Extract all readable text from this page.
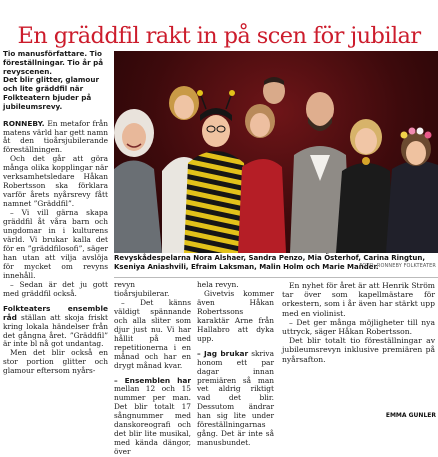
En gräddfil rakt in på scen för jubilar

Tio manusförfattare. Tio föreställningar. Tio år på revyscenen.

Det blir glitter, glamour och lite gräddfil när Folkteatern bjuder på jubileumsrevy.

RONNEBY. En metafor från matens värld har gett namn åt den tioårsjubilerande föreställningen.

Och det går att göra många olika kopplingar när verksamhetsledare Håkan Robertsson ska förklara varför årets nyårsrevy fått namnet ”Gräddfil”.

– Vi vill gärna skapa gräddfil åt våra barn och ungdomar in i kulturens värld. Vi brukar kalla det för en ”gräddfilosofi”, säger han utan att vilja avslöja för mycket om revyns innehåll.

– Sedan är det ju gott med gräddfil också.

Folkteaters ensemble råd ställan att skoja friskt kring lokala händelser från det gångna året. ”Gräddfil” är inte bl nå got undantag.

Men det blir också en stor portion glitter och glamour eftersom nyårs-

Revyskådespelarna Nora Alshaer, Sandra Penzo, Mia Österhof, Carina Ringtun, Kseniya Aniashvili, Efraim Laksman, Malin Holm och Marie Mander.
FOTO: RONNEBY FOLKTEATER

revyn tioårsjubilerar.

– Det känns väldigt spännande och alla sliter som djur just nu. Vi har hållit på med repetitionerna i en månad och har en drygt månad kvar.

– Ensemblen har mellan 12 och 15 nummer per man. Det blir totalt 17 sångnummer med danskoreografi och det blir lite musikal, med kända dängor, över

hela revyn.

Givetvis kommer även Håkan Robertssons karaktär Arne från Hallabro att dyka upp.

– Jag brukar skriva honom ett par dagar innan premiären så man vet aldrig riktigt vad det blir. Dessutom ändrar han sig lite under föreställningarnas gång. Det är inte så manusbundet.

En nyhet för året är att Henrik Ström tar över som kapellmästare för orkestern, som i år även har stärkt upp med en violinist.

– Det ger många möjligheter till nya uttryck, säger Håkan Robertsson.

Det blir totalt tio föreställningar av jubileumsrevyn inklusive premiären på nyårsafton.

EMMA GUNLER
